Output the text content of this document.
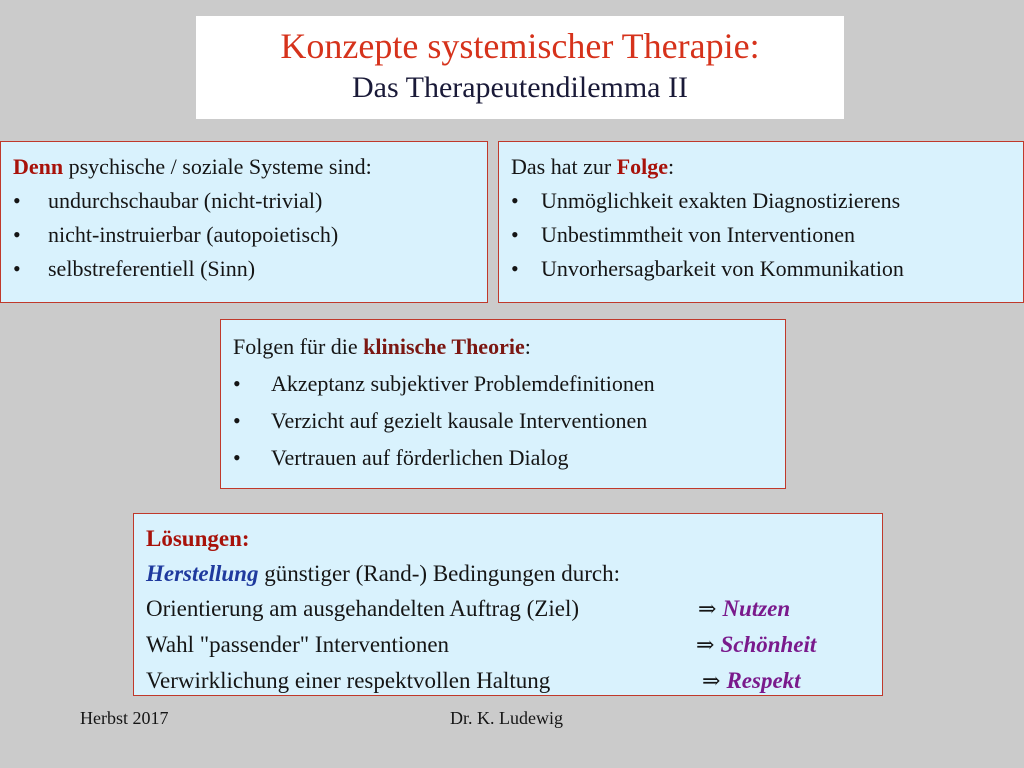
Konzepte systemischer Therapie:
Das Therapeutendilemma II
Denn psychische / soziale Systeme sind:
•	undurchschaubar (nicht-trivial)
•	nicht-instruierbar (autopoietisch)
•	selbstreferentiell (Sinn)
Das hat zur Folge:
•	Unmöglichkeit exakten Diagnostizierens
•	Unbestimmtheit von Interventionen
•	Unvorhersagbarkeit von Kommunikation
Folgen für die klinische Theorie:
•	Akzeptanz subjektiver Problemdefinitionen
•	Verzicht auf gezielt kausale Interventionen
•	Vertrauen auf förderlichen Dialog
Lösungen:
Herstellung günstiger (Rand-) Bedingungen durch:
Orientierung am ausgehandelten Auftrag (Ziel)	⇒ Nutzen
Wahl "passender" Interventionen	⇒ Schönheit
Verwirklichung einer respektvollen Haltung	⇒ Respekt
Herbst 2017	Dr. K. Ludewig
